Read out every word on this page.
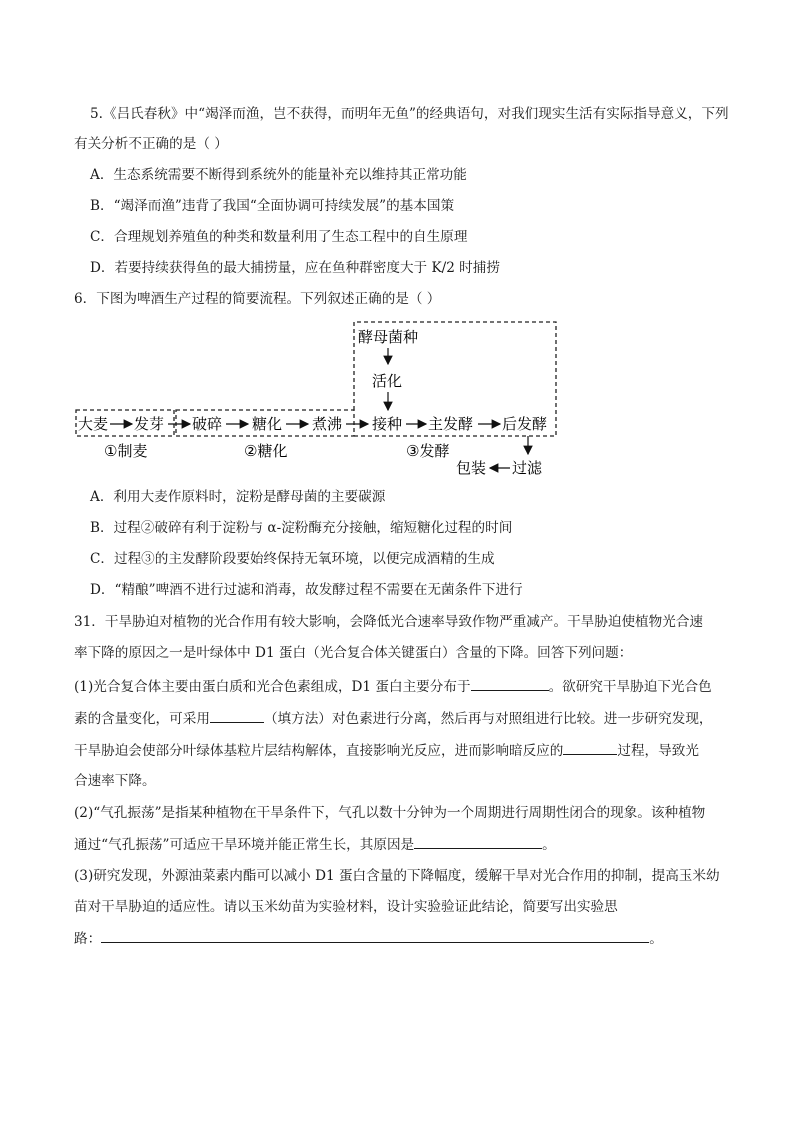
5.《吕氏春秋》中“竭泽而渔，岂不获得，而明年无鱼”的经典语句，对我们现实生活有实际指导意义，下列
有关分析不正确的是（ ）
A．生态系统需要不断得到系统外的能量补充以维持其正常功能
B．“竭泽而渔”违背了我国“全面协调可持续发展”的基本国策
C．合理规划养殖鱼的种类和数量利用了生态工程中的自生原理
D．若要持续获得鱼的最大捕捞量，应在鱼种群密度大于 K/2 时捕捞
6．下图为啤酒生产过程的简要流程。下列叙述正确的是（ ）
酵母菌种
活化
大麦 发芽 破碎 糖化 煮沸 接种 主发酵 后发酵
①制麦	②糖化	③发酵
过滤
包装
A．利用大麦作原料时，淀粉是酵母菌的主要碳源
B．过程②破碎有利于淀粉与 α-淀粉酶充分接触，缩短糖化过程的时间
C．过程③的主发酵阶段要始终保持无氧环境，以便完成酒精的生成
D．“精酿”啤酒不进行过滤和消毒，故发酵过程不需要在无菌条件下进行
31．干旱胁迫对植物的光合作用有较大影响，会降低光合速率导致作物严重减产。干旱胁迫使植物光合速
率下降的原因之一是叶绿体中 D1 蛋白（光合复合体关键蛋白）含量的下降。回答下列问题：
(1)光合复合体主要由蛋白质和光合色素组成，D1 蛋白主要分布于	。欲研究干旱胁迫下光合色
素的含量变化，可采用	（填方法）对色素进行分离，然后再与对照组进行比较。进一步研究发现，
干旱胁迫会使部分叶绿体基粒片层结构解体，直接影响光反应，进而影响暗反应的	过程，导致光
合速率下降。
(2)“气孔振荡”是指某种植物在干旱条件下，气孔以数十分钟为一个周期进行周期性闭合的现象。该种植物
通过“气孔振荡”可适应干旱环境并能正常生长，其原因是	。
(3)研究发现，外源油菜素内酯可以减小 D1 蛋白含量的下降幅度，缓解干旱对光合作用的抑制，提高玉米幼
苗对干旱胁迫的适应性。请以玉米幼苗为实验材料，设计实验验证此结论，简要写出实验思
路：	。
